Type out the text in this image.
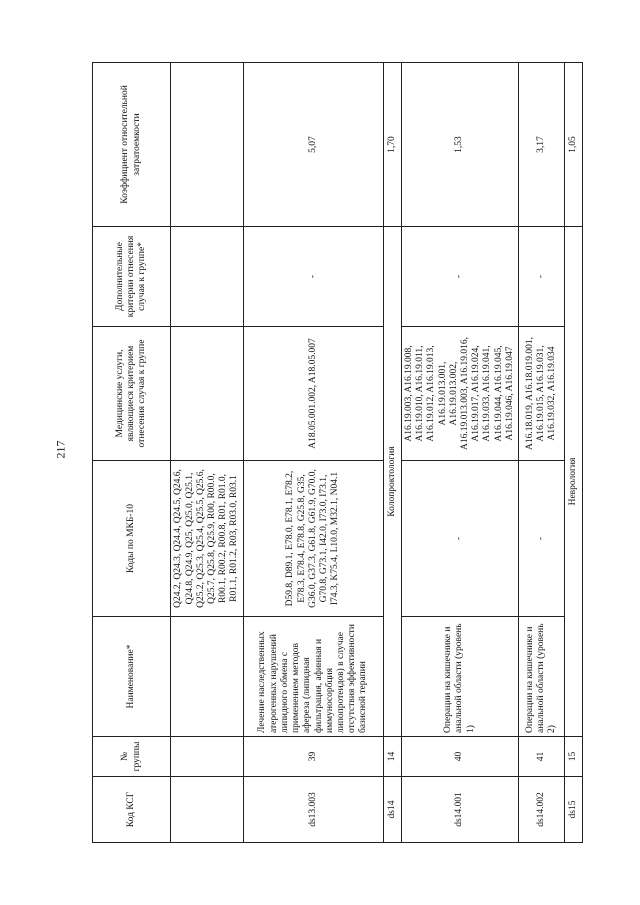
217
Код КСГ	№ группы	Наименование*	Коды по МКБ-10	Медицинские услуги, являющиеся критерием отнесения случая к группе	Дополнительные критерии отнесения случая к группе*	Коэффициент относительной затратоемкости
			Q24.2, Q24.3, Q24.4, Q24.5, Q24.6, Q24.8, Q24.9, Q25, Q25.0, Q25.1, Q25.2, Q25.3, Q25.4, Q25.5, Q25.6, Q25.7, Q25.8, Q25.9, R00, R00.0, R00.1, R00.2, R00.8, R01, R01.0, R01.1, R01.2, R03, R03.0, R03.1			
ds13.003	39	Лечение наследственных атерогенных нарушений липидного обмена с применением методов афереза (липидная фильтрация, афинная и иммуносорбция липопротеидов) в случае отсутствия эффективности базисной терапии	D59.8, D89.1, E78.0, E78.1, E78.2, E78.3, E78.4, E78.8, G25.8, G35, G36.0, G37.3, G61.8, G61.9, G70.0, G70.8, G73.1, I42.0, I73.0, I73.1, I74.3, K75.4, L10.0, M32.1, N04.1	A18.05.001.002, A18.05.007	-	5,07
ds14	14	Колопроктология				1,70
ds14.001	40	Операции на кишечнике и анальной области (уровень 1)	-	A16.19.003, A16.19.008, A16.19.010, A16.19.011, A16.19.012, A16.19.013, A16.19.013.001, A16.19.013.002, A16.19.013.003, A16.19.016, A16.19.017, A16.19.024, A16.19.033, A16.19.041, A16.19.044, A16.19.045, A16.19.046, A16.19.047	-	1,53
ds14.002	41	Операции на кишечнике и анальной области (уровень 2)	-	A16.18.019, A16.18.019.001, A16.19.015, A16.19.031, A16.19.032, A16.19.034	-	3,17
ds15	15	Неврология				1,05
